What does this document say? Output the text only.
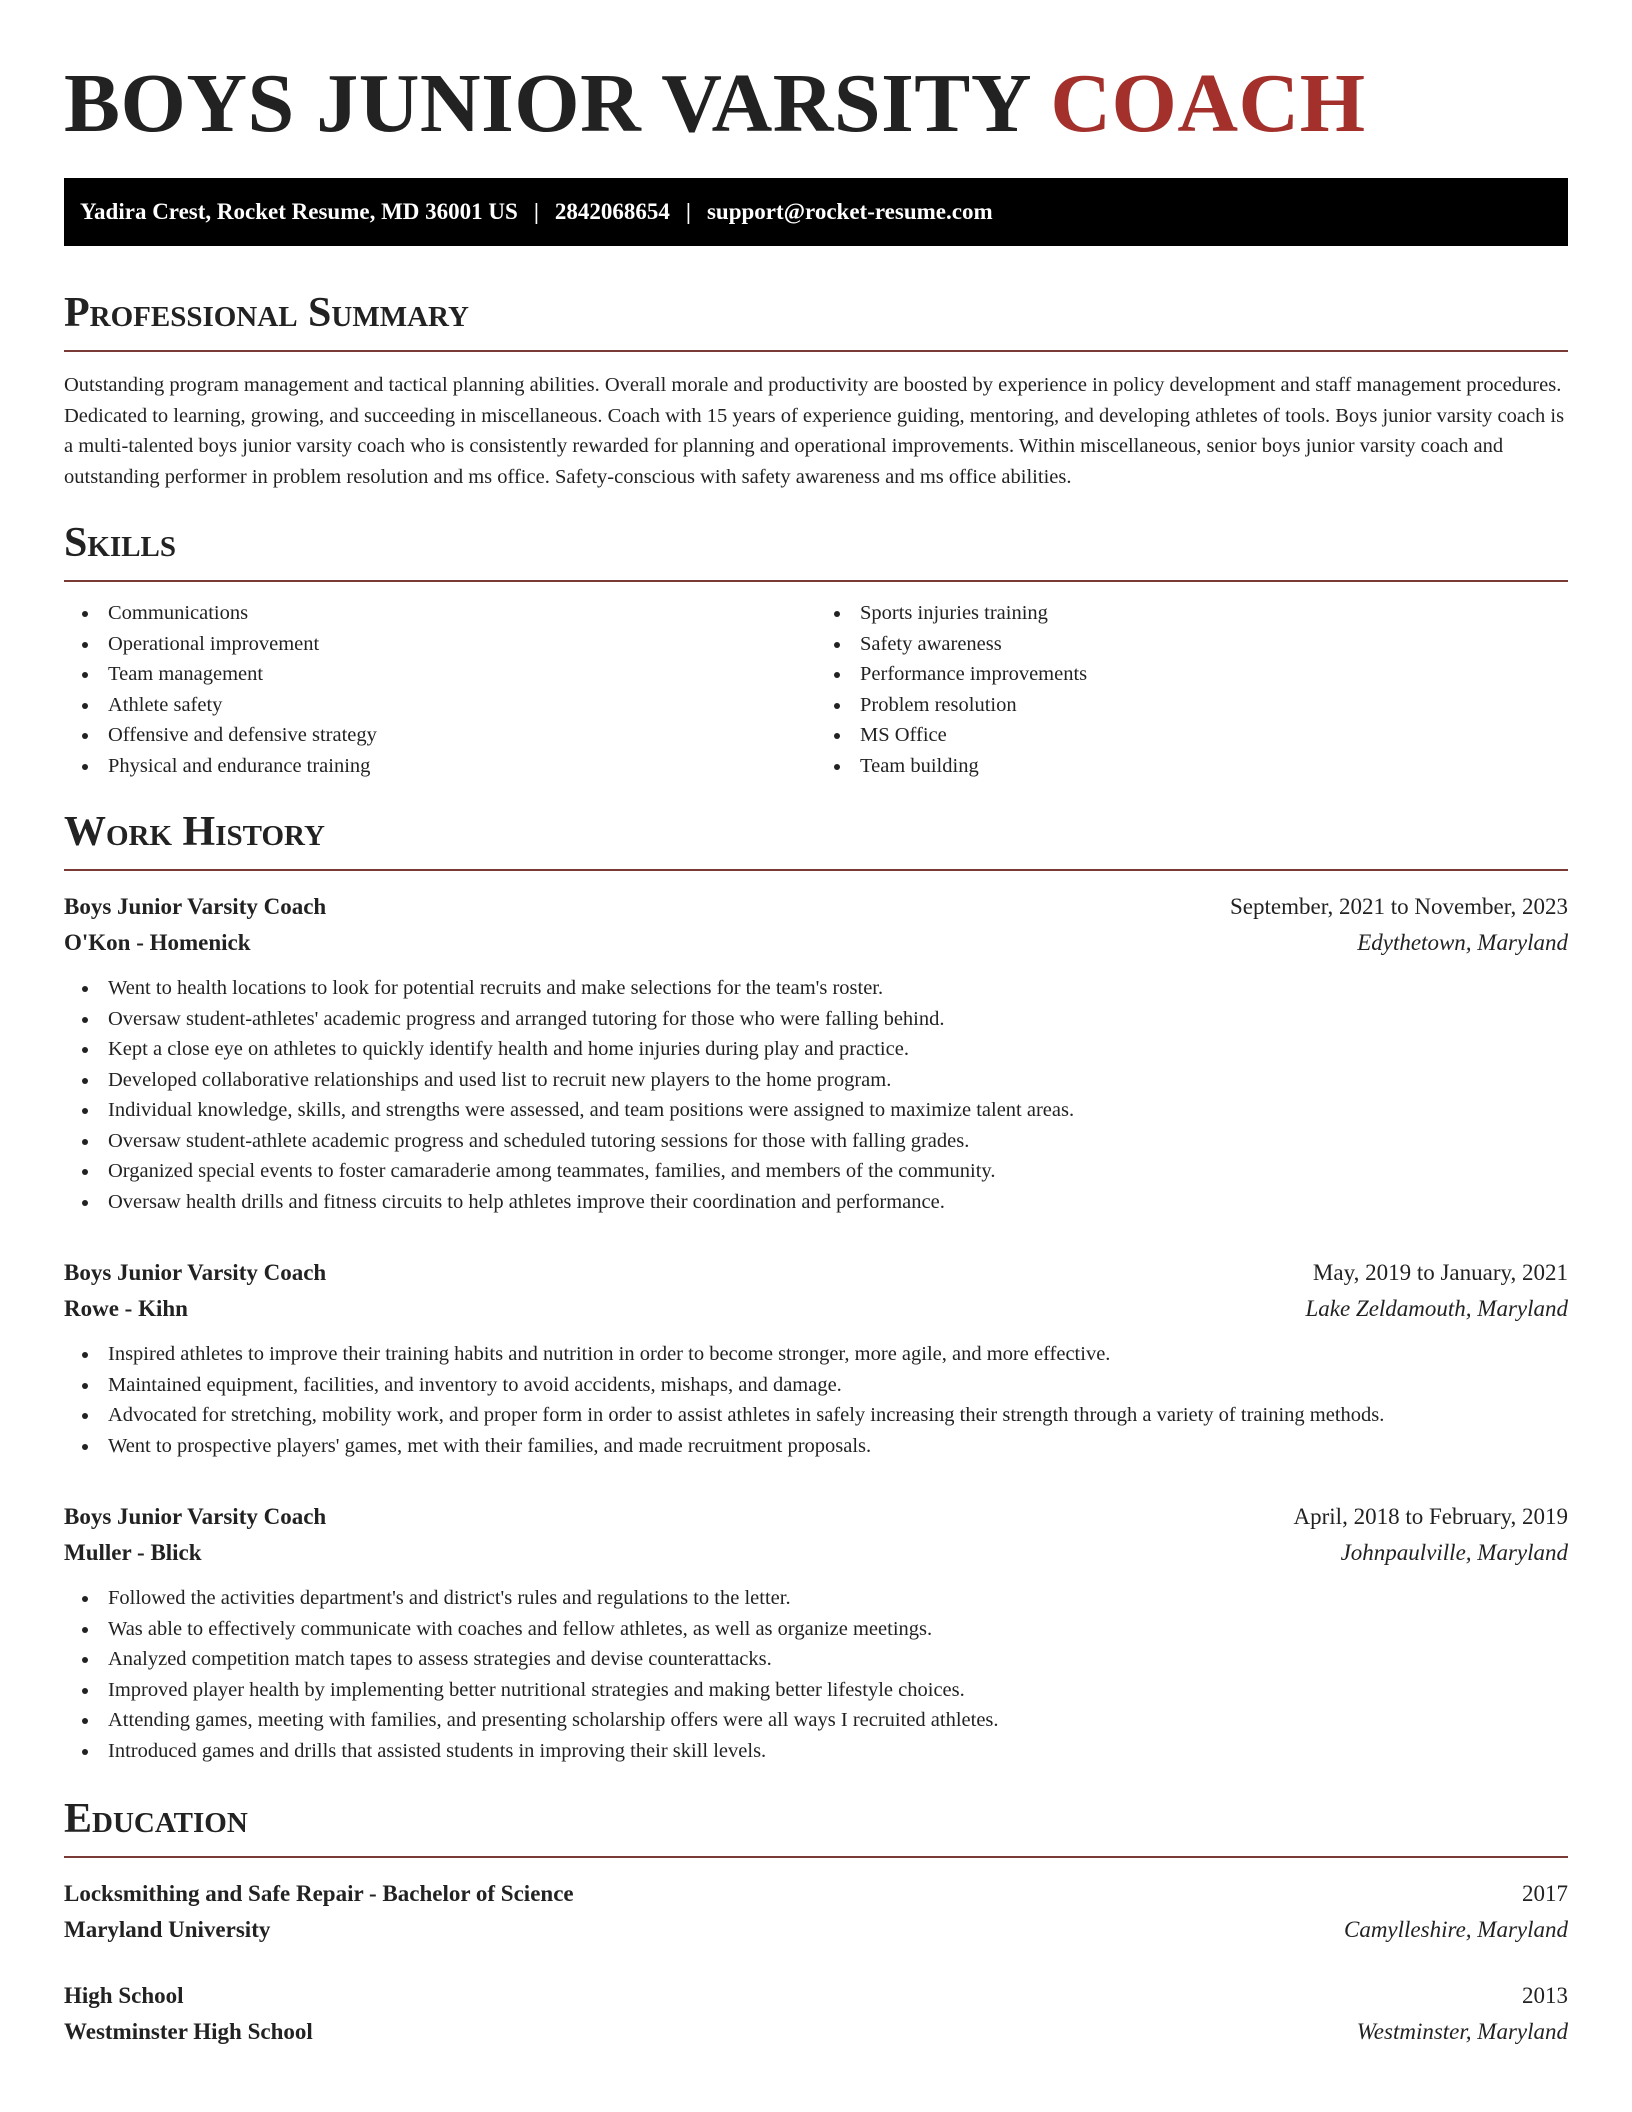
BOYS JUNIOR VARSITY COACH
Yadira Crest, Rocket Resume, MD 36001 US | 2842068654 | support@rocket-resume.com
Professional Summary

Outstanding program management and tactical planning abilities. Overall morale and productivity are boosted by experience in policy development and staff management procedures. Dedicated to learning, growing, and succeeding in miscellaneous. Coach with 15 years of experience guiding, mentoring, and developing athletes of tools. Boys junior varsity coach is a multi-talented boys junior varsity coach who is consistently rewarded for planning and operational improvements. Within miscellaneous, senior boys junior varsity coach and outstanding performer in problem resolution and ms office. Safety-conscious with safety awareness and ms office abilities.

Skills
Communications
Operational improvement
Team management
Athlete safety
Offensive and defensive strategy
Physical and endurance training
Sports injuries training
Safety awareness
Performance improvements
Problem resolution
MS Office
Team building
Work History
Boys Junior Varsity Coach	September, 2021 to November, 2023
O'Kon - Homenick	Edythetown, Maryland
Went to health locations to look for potential recruits and make selections for the team's roster.
Oversaw student-athletes' academic progress and arranged tutoring for those who were falling behind.
Kept a close eye on athletes to quickly identify health and home injuries during play and practice.
Developed collaborative relationships and used list to recruit new players to the home program.
Individual knowledge, skills, and strengths were assessed, and team positions were assigned to maximize talent areas.
Oversaw student-athlete academic progress and scheduled tutoring sessions for those with falling grades.
Organized special events to foster camaraderie among teammates, families, and members of the community.
Oversaw health drills and fitness circuits to help athletes improve their coordination and performance.
Boys Junior Varsity Coach	May, 2019 to January, 2021
Rowe - Kihn	Lake Zeldamouth, Maryland
Inspired athletes to improve their training habits and nutrition in order to become stronger, more agile, and more effective.
Maintained equipment, facilities, and inventory to avoid accidents, mishaps, and damage.
Advocated for stretching, mobility work, and proper form in order to assist athletes in safely increasing their strength through a variety of training methods.
Went to prospective players' games, met with their families, and made recruitment proposals.
Boys Junior Varsity Coach	April, 2018 to February, 2019
Muller - Blick	Johnpaulville, Maryland
Followed the activities department's and district's rules and regulations to the letter.
Was able to effectively communicate with coaches and fellow athletes, as well as organize meetings.
Analyzed competition match tapes to assess strategies and devise counterattacks.
Improved player health by implementing better nutritional strategies and making better lifestyle choices.
Attending games, meeting with families, and presenting scholarship offers were all ways I recruited athletes.
Introduced games and drills that assisted students in improving their skill levels.
Education
Locksmithing and Safe Repair - Bachelor of Science	2017
Maryland University	Camylleshire, Maryland
High School	2013
Westminster High School	Westminster, Maryland
